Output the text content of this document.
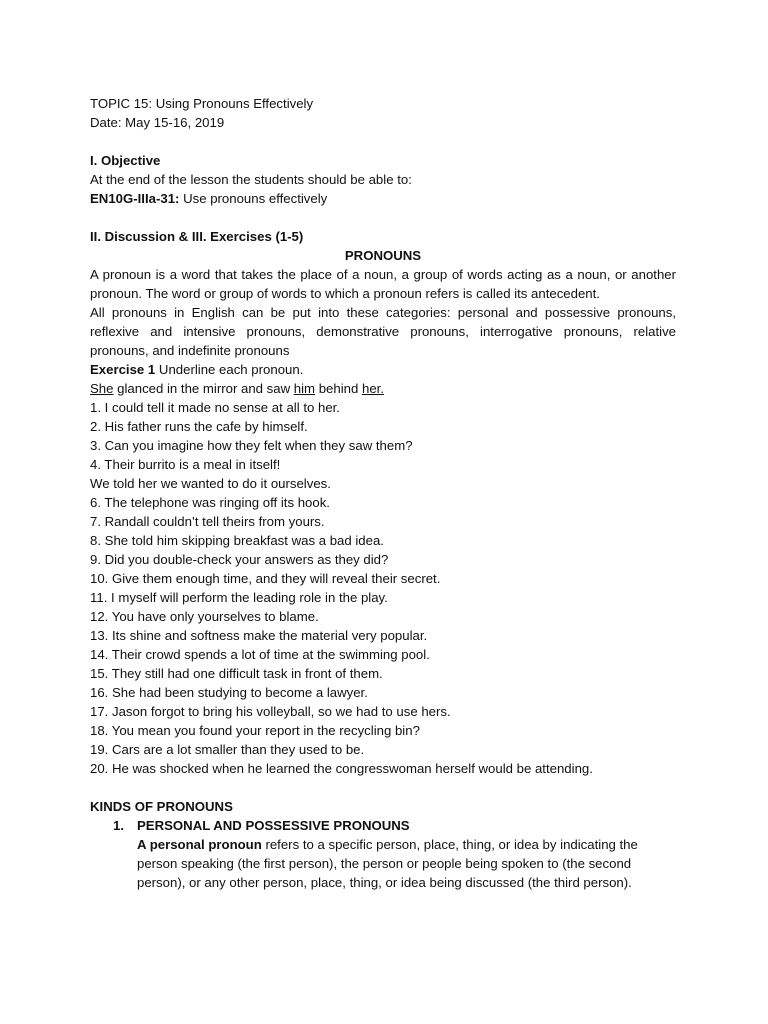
TOPIC 15: Using Pronouns Effectively

Date: May 15-16, 2019

I. Objective

At the end of the lesson the students should be able to:

EN10G-IIIa-31: Use pronouns effectively

II. Discussion & III. Exercises (1-5)

PRONOUNS

A pronoun is a word that takes the place of a noun, a group of words acting as a noun, or another pronoun. The word or group of words to which a pronoun refers is called its antecedent.

All pronouns in English can be put into these categories: personal and possessive pronouns, reflexive and intensive pronouns, demonstrative pronouns, interrogative pronouns, relative pronouns, and indefinite pronouns

Exercise 1 Underline each pronoun.

She glanced in the mirror and saw him behind her.

1. I could tell it made no sense at all to her.

2. His father runs the cafe by himself.

3. Can you imagine how they felt when they saw them?

4. Their burrito is a meal in itself!

We told her we wanted to do it ourselves.

6. The telephone was ringing off its hook.

7. Randall couldn’t tell theirs from yours.

8. She told him skipping breakfast was a bad idea.

9. Did you double-check your answers as they did?

10. Give them enough time, and they will reveal their secret.

11. I myself will perform the leading role in the play.

12. You have only yourselves to blame.

13. Its shine and softness make the material very popular.

14. Their crowd spends a lot of time at the swimming pool.

15. They still had one difficult task in front of them.

16. She had been studying to become a lawyer.

17. Jason forgot to bring his volleyball, so we had to use hers.

18. You mean you found your report in the recycling bin?

19. Cars are a lot smaller than they used to be.

20. He was shocked when he learned the congresswoman herself would be attending.

KINDS OF PRONOUNS

1. PERSONAL AND POSSESSIVE PRONOUNS

A personal pronoun refers to a specific person, place, thing, or idea by indicating the person speaking (the first person), the person or people being spoken to (the second person), or any other person, place, thing, or idea being discussed (the third person).
